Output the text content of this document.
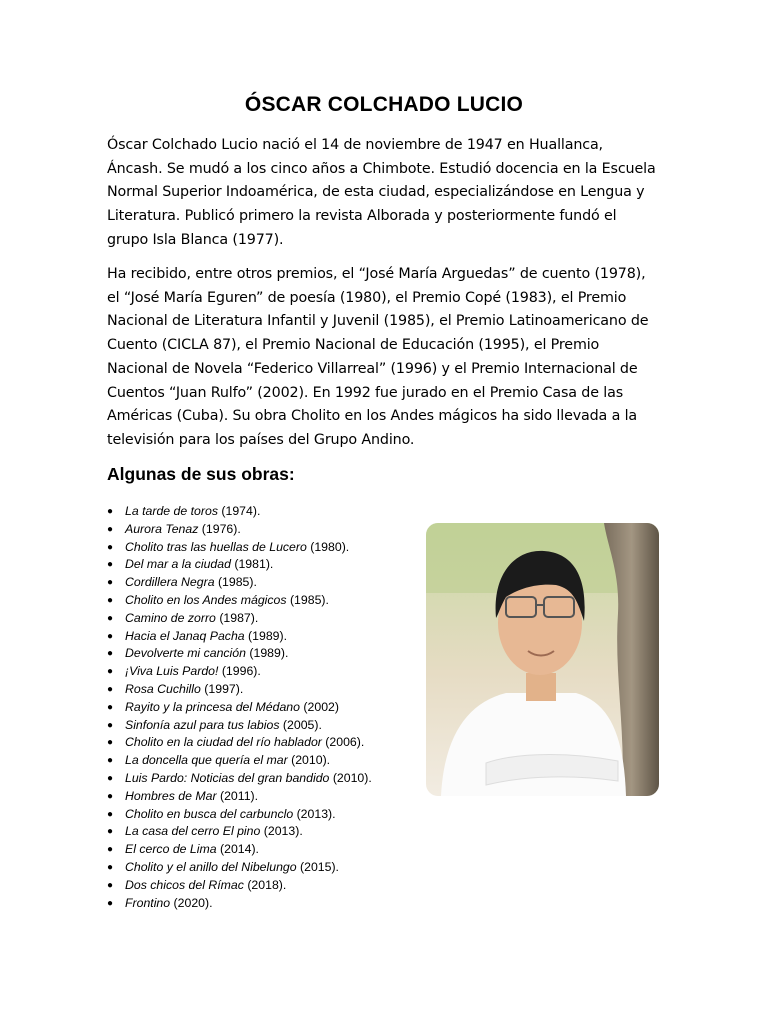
ÓSCAR COLCHADO LUCIO

Óscar Colchado Lucio nació el 14 de noviembre de 1947 en Huallanca,
Áncash. Se mudó a los cinco años a Chimbote. Estudió docencia en la Escuela
Normal Superior Indoamérica, de esta ciudad, especializándose en Lengua y
Literatura. Publicó primero la revista Alborada y posteriormente fundó el
grupo Isla Blanca (1977).

Ha recibido, entre otros premios, el “José María Arguedas” de cuento (1978),
el “José María Eguren” de poesía (1980), el Premio Copé (1983), el Premio
Nacional de Literatura Infantil y Juvenil (1985), el Premio Latinoamericano de
Cuento (CICLA 87), el Premio Nacional de Educación (1995), el Premio
Nacional de Novela “Federico Villarreal” (1996) y el Premio Internacional de
Cuentos “Juan Rulfo” (2002). En 1992 fue jurado en el Premio Casa de las
Américas (Cuba). Su obra Cholito en los Andes mágicos ha sido llevada a la
televisión para los países del Grupo Andino.

Algunas de sus obras:
● La tarde de toros (1974).
● Aurora Tenaz (1976).
● Cholito tras las huellas de Lucero (1980).
● Del mar a la ciudad (1981).
● Cordillera Negra (1985).
● Cholito en los Andes mágicos (1985).
● Camino de zorro (1987).
● Hacia el Janaq Pacha (1989).
● Devolverte mi canción (1989).
● ¡Viva Luis Pardo! (1996).
● Rosa Cuchillo (1997).
● Rayito y la princesa del Médano (2002)
● Sinfonía azul para tus labios (2005).
● Cholito en la ciudad del río hablador (2006).
● La doncella que quería el mar (2010).
● Luis Pardo: Noticias del gran bandido (2010).
● Hombres de Mar (2011).
● Cholito en busca del carbunclo (2013).
● La casa del cerro El pino (2013).
● El cerco de Lima (2014).
● Cholito y el anillo del Nibelungo (2015).
● Dos chicos del Rímac (2018).
● Frontino (2020).
